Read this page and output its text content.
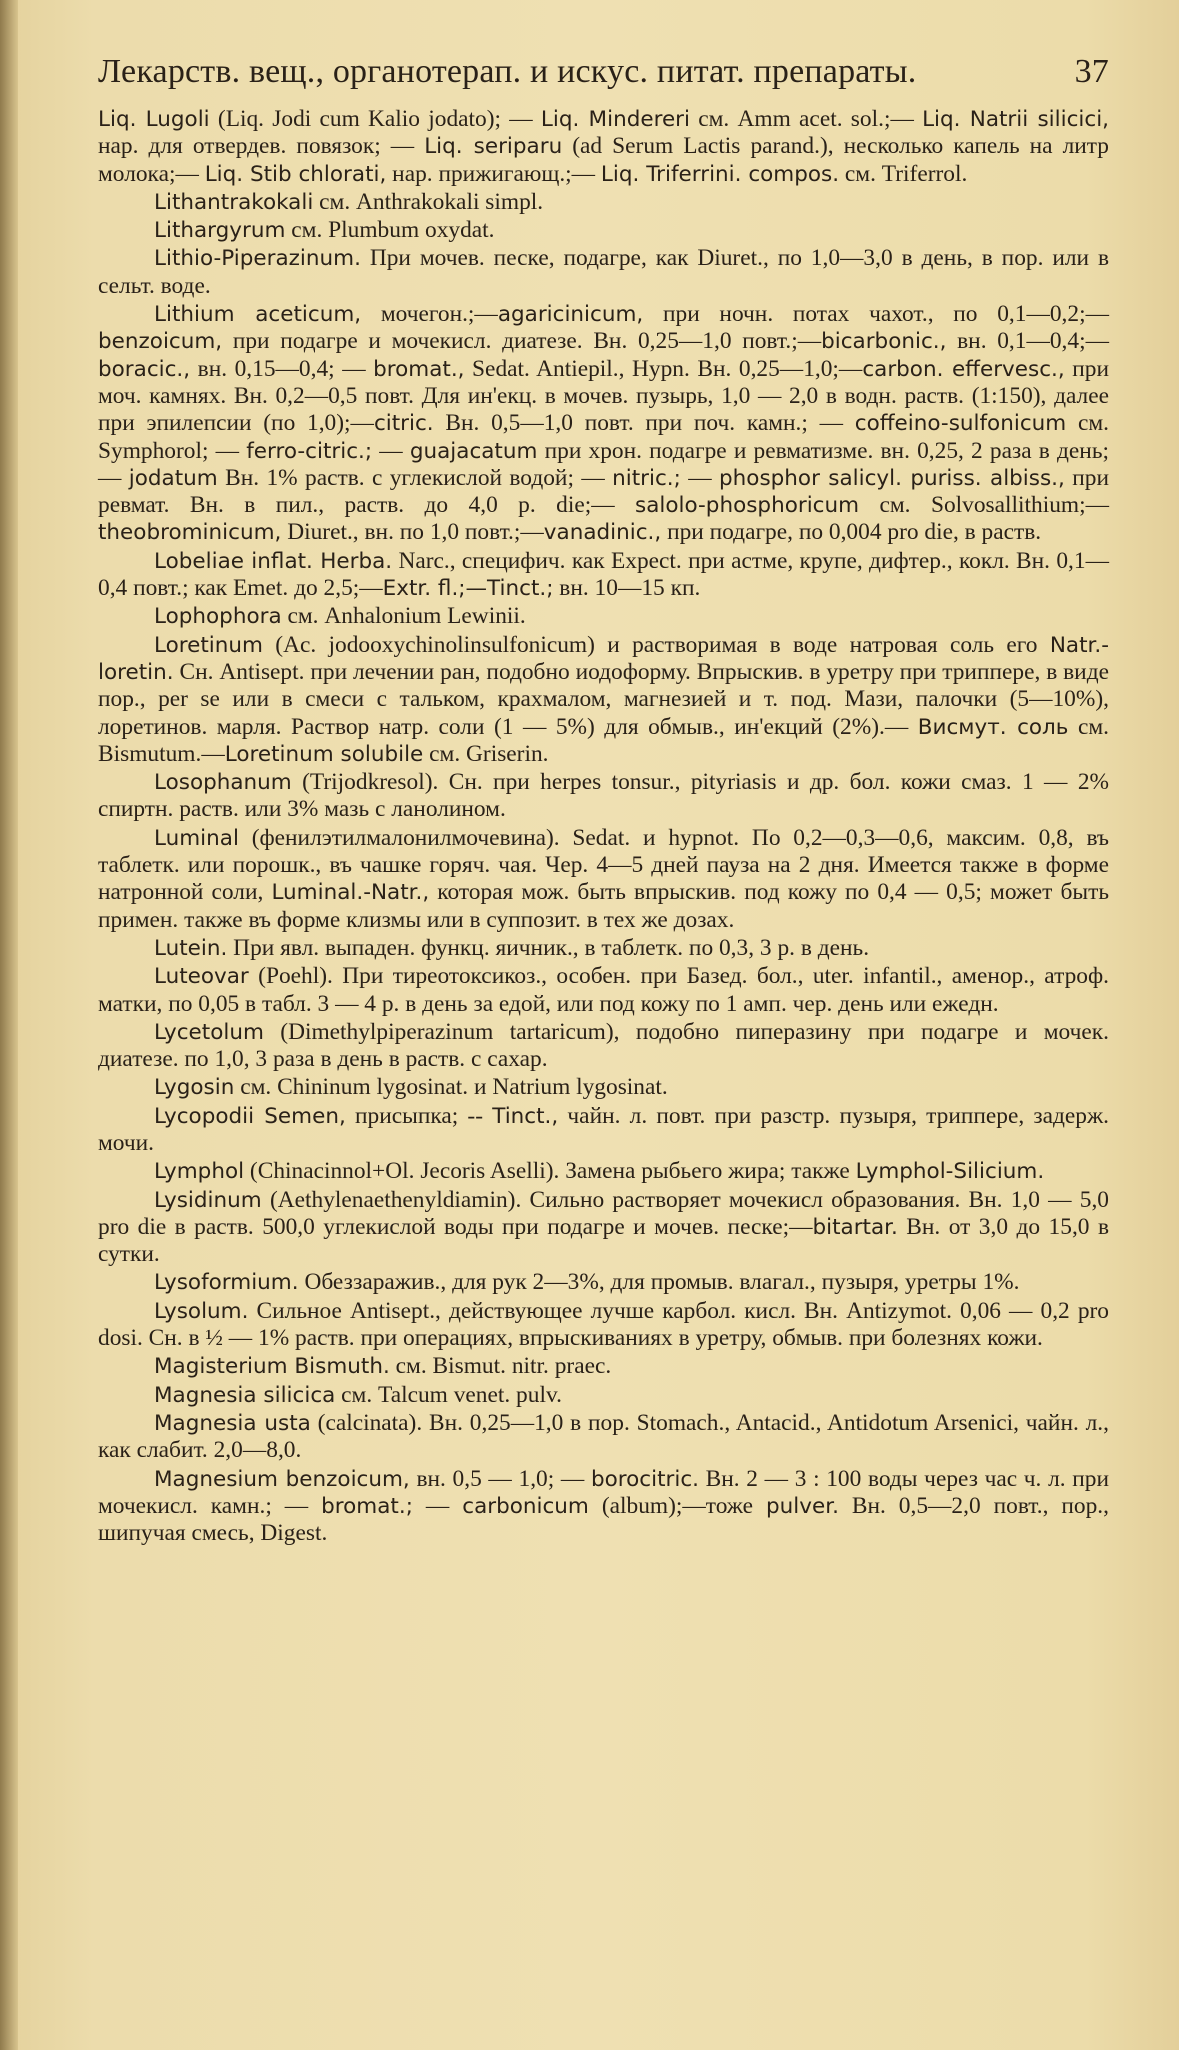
Лекарств. вещ., органотерап. и искус. питат. препараты.	37

Liq. Lugoli (Liq. Jodi cum Kalio jodato); — Liq. Mindereri см. Amm acet. sol.;— Liq. Natrii silicici, нар. для отвердев. повязок; — Liq. seriparu (ad Serum Lactis parand.), несколько капель на литр молока;— Liq. Stib chlorati, нар. прижигающ.;— Liq. Triferrini. compos. см. Triferrol.

Lithantrakokali см. Anthrakokali simpl.

Lithargyrum см. Plumbum oxydat.

Lithio-Piperazinum. При мочев. песке, подагре, как Diuret., по 1,0—3,0 в день, в пор. или в сельт. воде.

Lithium aceticum, мочегон.;—agaricinicum, при ночн. потах чахот., по 0,1—0,2;—benzoicum, при подагре и мочекисл. диатезе. Вн. 0,25—1,0 повт.;—bicarbonic., вн. 0,1—0,4;—boracic., вн. 0,15—0,4; — bromat., Sedat. Antiepil., Hypn. Вн. 0,25—1,0;—carbon. effervesc., при моч. камнях. Вн. 0,2—0,5 повт. Для ин'екц. в мочев. пузырь, 1,0 — 2,0 в водн. раств. (1:150), далее при эпилепсии (по 1,0);—citric. Вн. 0,5—1,0 повт. при поч. камн.; — coffeino-sulfonicum см. Symphorol; — ferro-citric.; — guajacatum при хрон. подагре и ревматизме. вн. 0,25, 2 раза в день;— jodatum Вн. 1% раств. с углекислой водой; — nitric.; — phosphor salicyl. puriss. albiss., при ревмат. Вн. в пил., раств. до 4,0 p. die;— salolo-phosphoricum см. Solvosallithium;—theobrominicum, Diuret., вн. по 1,0 повт.;—vanadinic., при подагре, по 0,004 pro die, в раств.

Lobeliae inflat. Herba. Narc., специфич. как Expect. при астме, крупе, дифтер., кокл. Вн. 0,1—0,4 повт.; как Emet. до 2,5;—Extr. fl.;—Tinct.; вн. 10—15 кп.

Lophophora см. Anhalonium Lewinii.

Loretinum (Ac. jodooxychinolinsulfonicum) и растворимая в воде натровая соль его Natr.-loretin. Сн. Antisept. при лечении ран, подобно иодоформу. Впрыскив. в уретру при триппере, в виде пор., per se или в смеси с тальком, крахмалом, магнезией и т. под. Мази, палочки (5—10%), лоретинов. марля. Раствор натр. соли (1 — 5%) для обмыв., ин'екций (2%).— Висмут. соль см. Bismutum.—Loretinum solubile см. Griserin.

Losophanum (Trijodkresol). Сн. при herpes tonsur., pityriasis и др. бол. кожи смаз. 1 — 2% спиртн. раств. или 3% мазь с ланолином.

Luminal (фенилэтилмалонилмочевина). Sedat. и hypnot. По 0,2—0,3—0,6, максим. 0,8, въ таблетк. или порошк., въ чашке горяч. чая. Чер. 4—5 дней пауза на 2 дня. Имеется также в форме натронной соли, Luminal.-Natr., которая мож. быть впрыскив. под кожу по 0,4 — 0,5; может быть примен. также въ форме клизмы или в суппозит. в тех же дозах.

Lutein. При явл. выпаден. функц. яичник., в таблетк. по 0,3, 3 р. в день.

Luteovar (Poehl). При тиреотоксикоз., особен. при Базед. бол., uter. infantil., аменор., атроф. матки, по 0,05 в табл. 3 — 4 р. в день за едой, или под кожу по 1 амп. чер. день или ежедн.

Lycetolum (Dimethylpiperazinum tartaricum), подобно пиперазину при подагре и мочек. диатезе. по 1,0, 3 раза в день в раств. с сахар.

Lygosin см. Chininum lygosinat. и Natrium lygosinat.

Lycopodii Semen, присыпка; -- Tinct., чайн. л. повт. при разстр. пузыря, триппере, задерж. мочи.

Lymphol (Chinacinnol+Ol. Jecoris Aselli). Замена рыбьего жира; также Lymphol-Silicium.

Lysidinum (Aethylenaethenyldiamin). Сильно растворяет мочекисл образования. Вн. 1,0 — 5,0 pro die в раств. 500,0 углекислой воды при подагре и мочев. песке;—bitartar. Вн. от 3,0 до 15,0 в сутки.

Lysoformium. Обеззаражив., для рук 2—3%, для промыв. влагал., пузыря, уретры 1%.

Lysolum. Сильное Antisept., действующее лучше карбол. кисл. Вн. Antizymot. 0,06 — 0,2 pro dosi. Сн. в ½ — 1% раств. при операциях, впрыскиваниях в уретру, обмыв. при болезнях кожи.

Magisterium Bismuth. см. Bismut. nitr. praec.

Magnesia silicica см. Talcum venet. pulv.

Magnesia usta (calcinata). Вн. 0,25—1,0 в пор. Stomach., Antacid., Antidotum Arsenici, чайн. л., как слабит. 2,0—8,0.

Magnesium benzoicum, вн. 0,5 — 1,0; — borocitric. Вн. 2 — 3 : 100 воды через час ч. л. при мочекисл. камн.; — bromat.; — carbonicum (album);—тоже pulver. Вн. 0,5—2,0 повт., пор., шипучая смесь, Digest.
